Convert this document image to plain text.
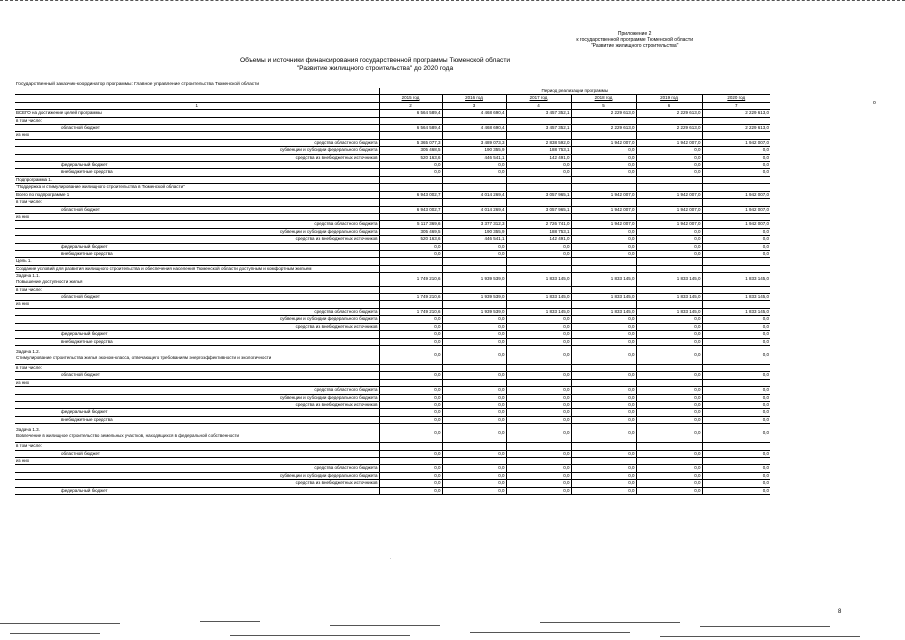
Приложение 2
к государственной программе Тюменской области
"Развитие жилищного строительства"
Объемы и источники финансирования государственной программы Тюменской области
"Развитие жилищного строительства" до 2020 года
Государственный заказчик-координатор программы: Главное управление строительства Тюменской области
о
	Период реализации программы					
	2015 год	2016 год	2017 год	2018 год	2019 год	2020 год
1	2	3	4	5	6	7
ВСЕГО на достижение целей программы	6 564 589,4	4 468 690,4	3 457 352,1	2 229 613,0	2 229 613,0	2 229 613,0
в том числе:						
областной бюджет	6 564 589,4	4 468 690,4	3 457 352,1	2 229 613,0	2 229 613,0	2 229 613,0
из них						
средства областного бюджета	5 365 077,3	3 489 073,3	2 838 592,0	1 942 007,0	1 942 007,0	1 942 007,0
субвенции и субсидии федерального бюджета	305 468,5	190 355,9	188 753,1	0,0	0,0	0,0
средства из внебюджетных источников	520 163,6	446 541,1	142 491,0	0,0	0,0	0,0
федеральный бюджет	0,0	0,0	0,0	0,0	0,0	0,0
внебюджетные средства	0,0	0,0	0,0	0,0	0,0	0,0
Подпрограмма 1.						
"Поддержка и стимулирование жилищного строительства в Тюменской области"						
Всего по подпрограмме 1	6 943 002,7	4 014 269,4	3 057 965,1	1 942 007,0	1 942 007,0	1 942 007,0
в том числе:						
областной бюджет	6 943 002,7	4 014 269,4	3 057 965,1	1 942 007,0	1 942 007,0	1 942 007,0
из них						
средства областного бюджета	5 117 369,6	3 377 312,3	2 726 741,0	1 942 007,0	1 942 007,0	1 942 007,0
субвенции и субсидии федерального бюджета	305 469,5	190 355,9	188 753,1	0,0	0,0	0,0
средства из внебюджетных источников	520 163,6	446 541,1	142 491,0	0,0	0,0	0,0
федеральный бюджет	0,0	0,0	0,0	0,0	0,0	0,0
внебюджетные средства	0,0	0,0	0,0	0,0	0,0	0,0
Цель 1.						
Создание условий для развития жилищного строительства и обеспечения населения Тюменской области доступным и комфортным жильем						

Задача 1.1.
Повышение доступности жилья	1 749 210,6	1 939 539,0	1 833 145,0	1 833 145,0	1 833 145,0	1 833 145,0
в том числе:						
областной бюджет	1 749 210,6	1 939 539,0	1 833 145,0	1 833 145,0	1 833 145,0	1 833 145,0
из них						
средства областного бюджета	1 749 210,6	1 939 539,0	1 833 145,0	1 833 145,0	1 833 145,0	1 833 145,0
субвенции и субсидии федерального бюджета	0,0	0,0	0,0	0,0	0,0	0,0
средства из внебюджетных источников	0,0	0,0	0,0	0,0	0,0	0,0
федеральный бюджет	0,0	0,0	0,0	0,0	0,0	0,0
внебюджетные средства	0,0	0,0	0,0	0,0	0,0	0,0

Задача 1.2.
Стимулирование строительства жилья эконом-класса, отвечающего требованиям энергоэффективности и экологичности	0,0	0,0	0,0	0,0	0,0	0,0
в том числе:						
областной бюджет	0,0	0,0	0,0	0,0	0,0	0,0
из них						
средства областного бюджета	0,0	0,0	0,0	0,0	0,0	0,0
субвенции и субсидии федерального бюджета	0,0	0,0	0,0	0,0	0,0	0,0
средства из внебюджетных источников	0,0	0,0	0,0	0,0	0,0	0,0
федеральный бюджет	0,0	0,0	0,0	0,0	0,0	0,0
внебюджетные средства	0,0	0,0	0,0	0,0	0,0	0,0

Задача 1.3.
Вовлечение в жилищное строительство земельных участков, находящихся в федеральной собственности	0,0	0,0	0,0	0,0	0,0	0,0
в том числе:						
областной бюджет	0,0	0,0	0,0	0,0	0,0	0,0
из них						
средства областного бюджета	0,0	0,0	0,0	0,0	0,0	0,0
субвенции и субсидии федерального бюджета	0,0	0,0	0,0	0,0	0,0	0,0
средства из внебюджетных источников	0,0	0,0	0,0	0,0	0,0	0,0
федеральный бюджет	0,0	0,0	0,0	0,0	0,0	0,0
·
8
